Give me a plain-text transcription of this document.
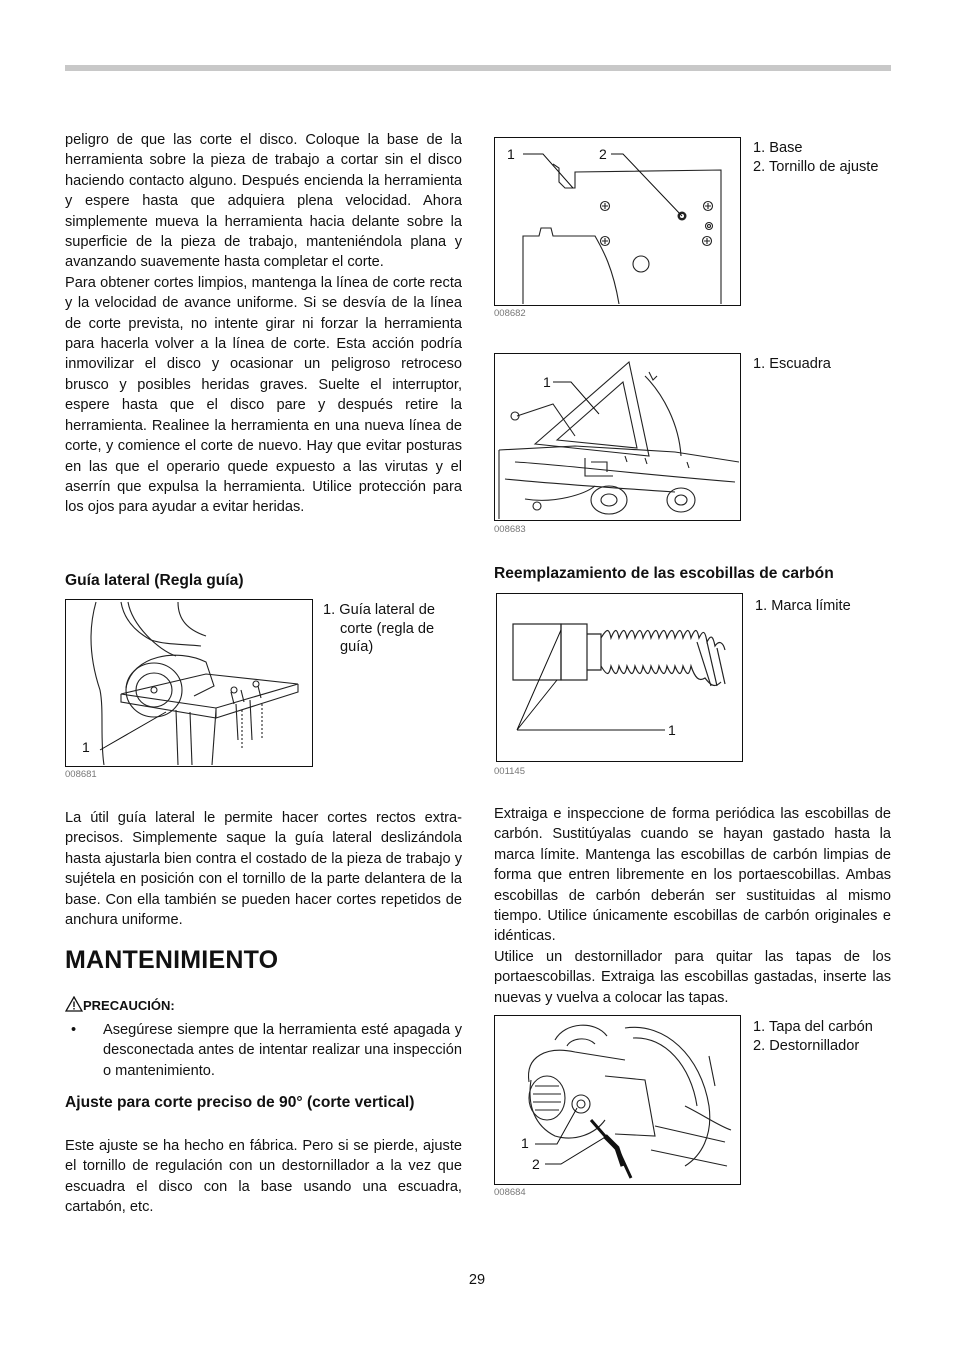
peligro de que las corte el disco. Coloque la base de la herramienta sobre la pieza de trabajo a cortar sin el disco haciendo contacto alguno. Después encienda la herramienta y espere hasta que adquiera plena velocidad. Ahora simplemente mueva la herramienta hacia delante sobre la superficie de la pieza de trabajo, manteniéndola plana y avanzando suavemente hasta completar el corte.

Para obtener cortes limpios, mantenga la línea de corte recta y la velocidad de avance uniforme. Si se desvía de la línea de corte prevista, no intente girar ni forzar la herramienta para hacerla volver a la línea de corte. Esta acción podría inmovilizar el disco y ocasionar un peligroso retroceso brusco y posibles heridas graves. Suelte el interruptor, espere hasta que el disco pare y después retire la herramienta. Realinee la herramienta en una nueva línea de corte, y comience el corte de nuevo. Hay que evitar posturas en las que el operario quede expuesto a las virutas y el aserrín que expulsa la herramienta. Utilice protección para los ojos para ayudar a evitar heridas.

Guía lateral (Regla guía)
1
008681
1. Guía lateral de
corte (regla de
guía)

La útil guía lateral le permite hacer cortes rectos extra-precisos. Simplemente saque la guía lateral deslizándola hasta ajustarla bien contra el costado de la pieza de trabajo y sujétela en posición con el tornillo de la parte delantera de la base. Con ella también se pueden hacer cortes repetidos de anchura uniforme.

MANTENIMIENTO
PRECAUCIÓN:
• Asegúrese siempre que la herramienta esté apagada y desconectada antes de intentar realizar una inspección o mantenimiento.

Ajuste para corte preciso de 90° (corte vertical)

Este ajuste se ha hecho en fábrica. Pero si se pierde, ajuste el tornillo de regulación con un destornillador a la vez que escuadra el disco con la base usando una escuadra, cartabón, etc.

1	2
008682
1. Base
2. Tornillo de ajuste
1
008683
1. Escuadra
Reemplazamiento de las escobillas de carbón
1
001145
1. Marca límite

Extraiga e inspeccione de forma periódica las escobillas de carbón. Sustitúyalas cuando se hayan gastado hasta la marca límite. Mantenga las escobillas de carbón limpias de forma que entren libremente en los portaescobillas. Ambas escobillas de carbón deberán ser sustituidas al mismo tiempo. Utilice únicamente escobillas de carbón originales e idénticas.

Utilice un destornillador para quitar las tapas de los portaescobillas. Extraiga las escobillas gastadas, inserte las nuevas y vuelva a colocar las tapas.

1
2
008684
1. Tapa del carbón
2. Destornillador
29
